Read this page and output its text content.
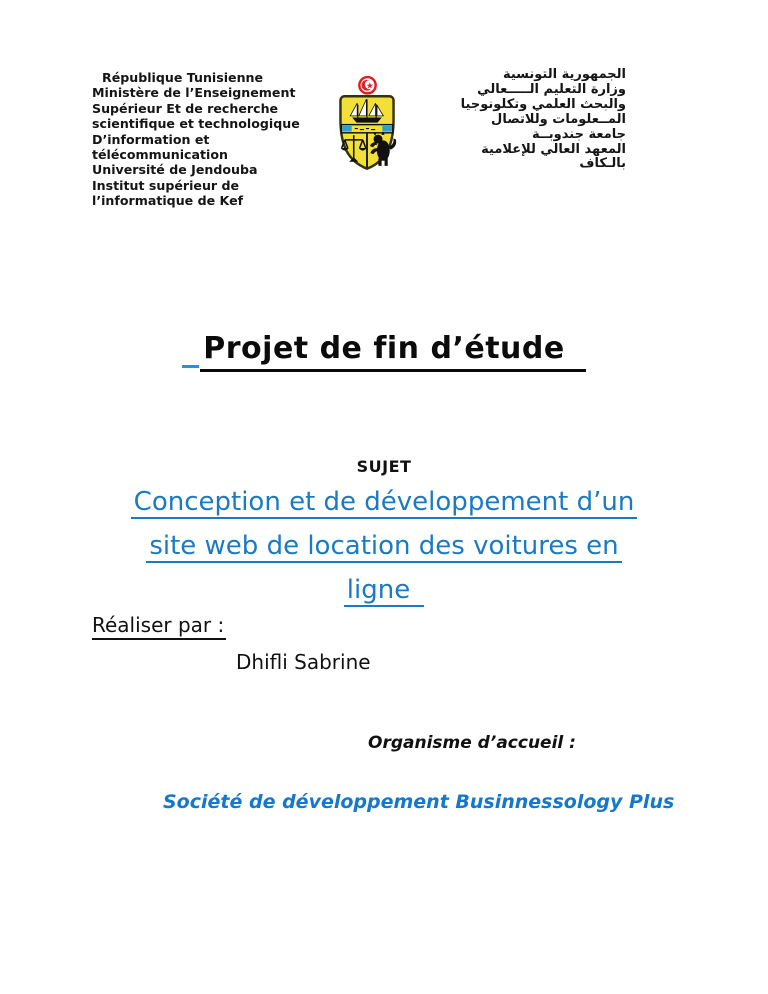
République Tunisienne
Ministère de l’Enseignement
Supérieur Et de recherche
scientifique et technologique
D’information et
télécommunication
Université de Jendouba
Institut supérieur de
l’informatique de Kef
الجمهورية التونسية
وزارة التعليم الـــــعالي
والبحث العلمي وتكلونوجيا
المــعلومات وللاتصال
جامعة جندوبــة
المعهد العالي للإعلامية
بالـكاف
Projet de fin d’étude
SUJET
Conception et de développement d’un
site web de location des voitures en
ligne
Réaliser par :
Dhifli Sabrine
Organisme d’accueil :
Société de développement Businnessology Plus
